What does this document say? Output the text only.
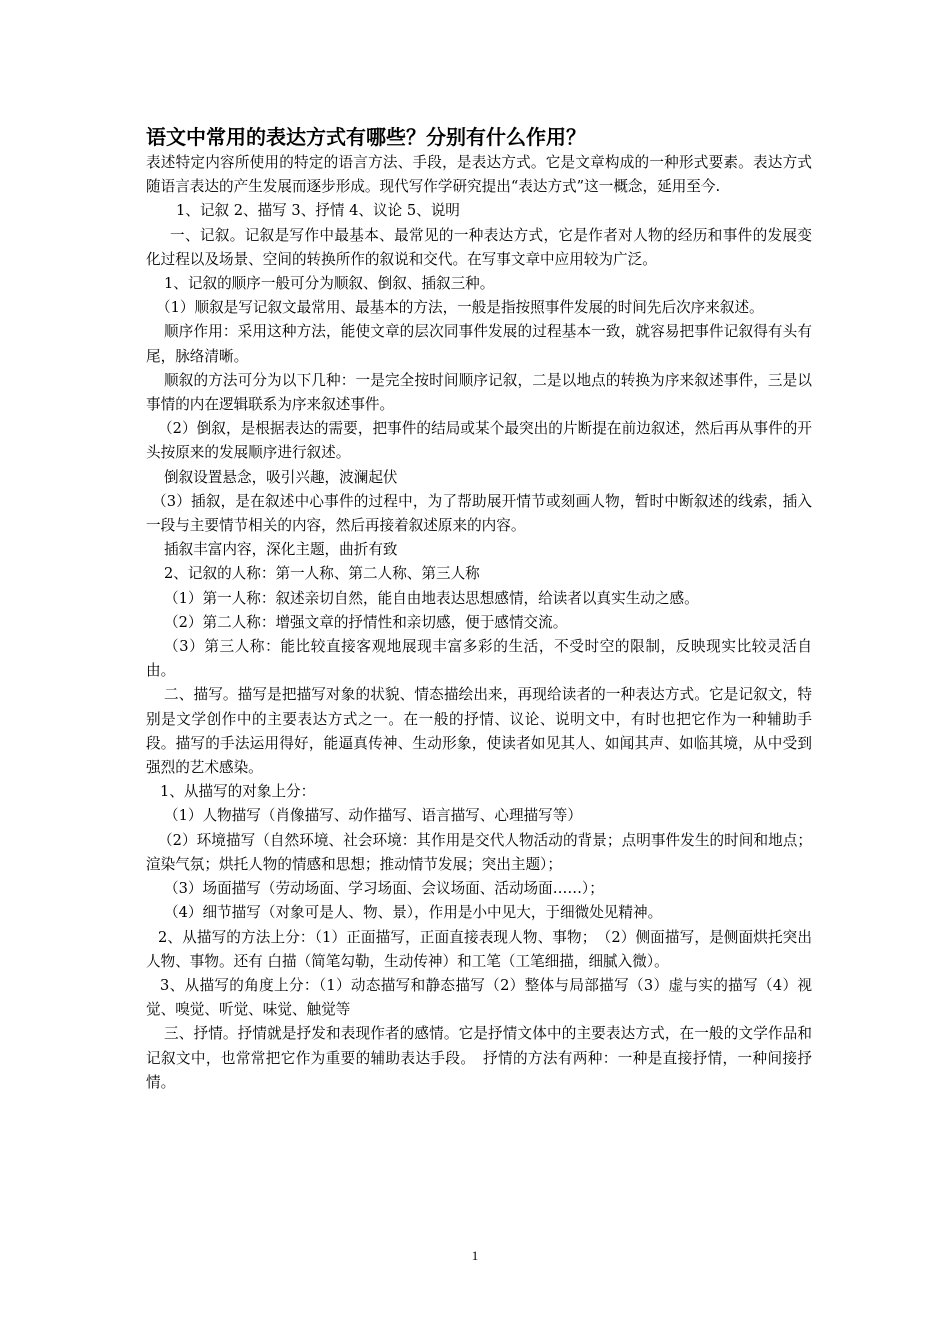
语文中常用的表达方式有哪些？分别有什么作用？

表述特定内容所使用的特定的语言方法、手段，是表达方式。它是文章构成的一种形式要素。表达方式随语言表达的产生发展而逐步形成。现代写作学研究提出“表达方式”这一概念，延用至今.

1、记叙 2、描写 3、抒情 4、议论 5、说明

一、记叙。记叙是写作中最基本、最常见的一种表达方式，它是作者对人物的经历和事件的发展变化过程以及场景、空间的转换所作的叙说和交代。在写事文章中应用较为广泛。

1、记叙的顺序一般可分为顺叙、倒叙、插叙三种。

（1）顺叙是写记叙文最常用、最基本的方法，一般是指按照事件发展的时间先后次序来叙述。

顺序作用：采用这种方法，能使文章的层次同事件发展的过程基本一致，就容易把事件记叙得有头有尾，脉络清晰。

顺叙的方法可分为以下几种：一是完全按时间顺序记叙，二是以地点的转换为序来叙述事件，三是以事情的内在逻辑联系为序来叙述事件。

（2）倒叙，是根据表达的需要，把事件的结局或某个最突出的片断提在前边叙述，然后再从事件的开头按原来的发展顺序进行叙述。

倒叙设置悬念，吸引兴趣，波澜起伏

（3）插叙，是在叙述中心事件的过程中，为了帮助展开情节或刻画人物，暂时中断叙述的线索，插入一段与主要情节相关的内容，然后再接着叙述原来的内容。

插叙丰富内容，深化主题，曲折有致

2、记叙的人称：第一人称、第二人称、第三人称

（1）第一人称：叙述亲切自然，能自由地表达思想感情，给读者以真实生动之感。

（2）第二人称：增强文章的抒情性和亲切感，便于感情交流。

（3）第三人称：能比较直接客观地展现丰富多彩的生活，不受时空的限制，反映现实比较灵活自由。

二、描写。描写是把描写对象的状貌、情态描绘出来，再现给读者的一种表达方式。它是记叙文，特别是文学创作中的主要表达方式之一。在一般的抒情、议论、说明文中，有时也把它作为一种辅助手段。描写的手法运用得好，能逼真传神、生动形象，使读者如见其人、如闻其声、如临其境，从中受到强烈的艺术感染。

1、从描写的对象上分：

（1）人物描写（肖像描写、动作描写、语言描写、心理描写等）

（2）环境描写（自然环境、社会环境：其作用是交代人物活动的背景；点明事件发生的时间和地点；渲染气氛；烘托人物的情感和思想；推动情节发展；突出主题）；

（3）场面描写（劳动场面、学习场面、会议场面、活动场面……）；

（4）细节描写（对象可是人、物、景），作用是小中见大，于细微处见精神。

2、从描写的方法上分：（1）正面描写，正面直接表现人物、事物；　（2）侧面描写，是侧面烘托突出人物、事物。还有 白描（简笔勾勒，生动传神）和工笔（工笔细描，细腻入微）。

3、从描写的角度上分：（1）动态描写和静态描写（2）整体与局部描写（3）虚与实的描写（4）视觉、嗅觉、听觉、味觉、触觉等

三、抒情。抒情就是抒发和表现作者的感情。它是抒情文体中的主要表达方式，在一般的文学作品和记叙文中，也常常把它作为重要的辅助表达手段。　抒情的方法有两种：一种是直接抒情，一种间接抒情。

1
